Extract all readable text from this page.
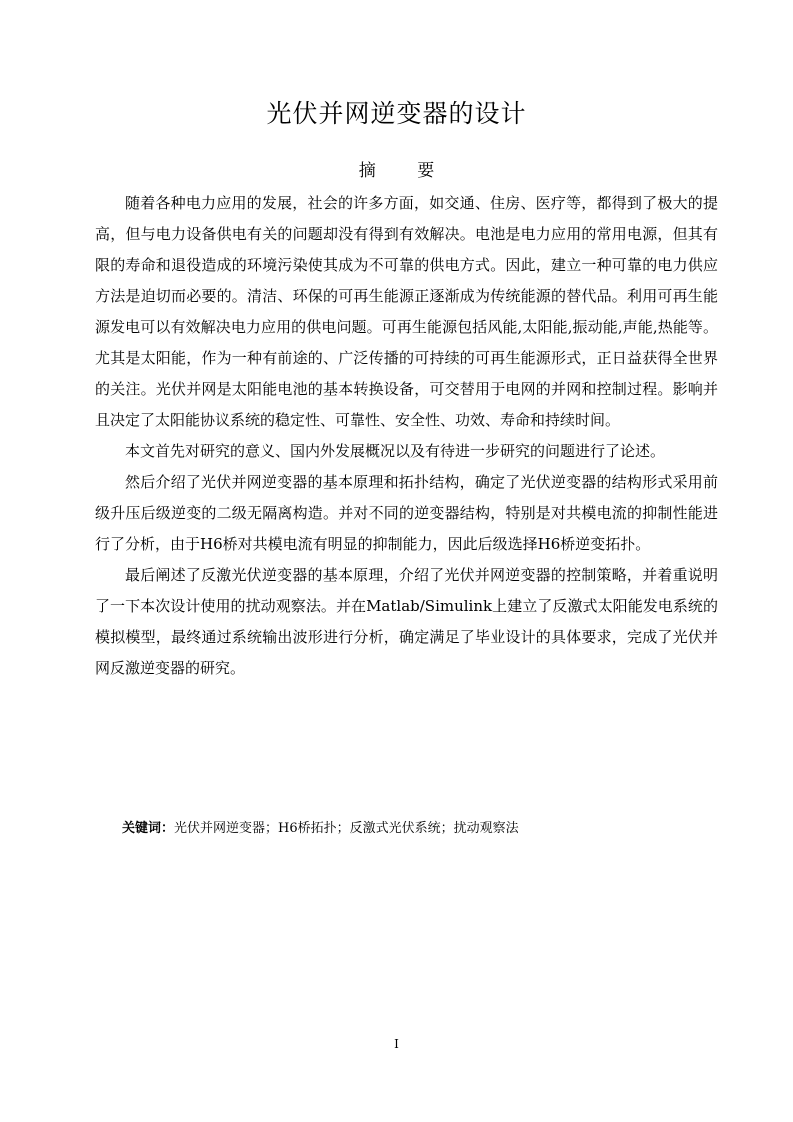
光伏并网逆变器的设计
摘 要

随着各种电力应用的发展，社会的许多方面，如交通、住房、医疗等，都得到了极大的提高，但与电力设备供电有关的问题却没有得到有效解决。电池是电力应用的常用电源，但其有限的寿命和退役造成的环境污染使其成为不可靠的供电方式。因此，建立一种可靠的电力供应方法是迫切而必要的。清洁、环保的可再生能源正逐渐成为传统能源的替代品。利用可再生能源发电可以有效解决电力应用的供电问题。可再生能源包括风能,太阳能,振动能,声能,热能等。尤其是太阳能，作为一种有前途的、广泛传播的可持续的可再生能源形式，正日益获得全世界的关注。光伏并网是太阳能电池的基本转换设备，可交替用于电网的并网和控制过程。影响并且决定了太阳能协议系统的稳定性、可靠性、安全性、功效、寿命和持续时间。

本文首先对研究的意义、国内外发展概况以及有待进一步研究的问题进行了论述。

然后介绍了光伏并网逆变器的基本原理和拓扑结构，确定了光伏逆变器的结构形式采用前级升压后级逆变的二级无隔离构造。并对不同的逆变器结构，特别是对共模电流的抑制性能进行了分析，由于H6桥对共模电流有明显的抑制能力，因此后级选择H6桥逆变拓扑。

最后阐述了反激光伏逆变器的基本原理，介绍了光伏并网逆变器的控制策略，并着重说明了一下本次设计使用的扰动观察法。并在Matlab/Simulink上建立了反激式太阳能发电系统的模拟模型，最终通过系统输出波形进行分析，确定满足了毕业设计的具体要求，完成了光伏并网反激逆变器的研究。

关键词：光伏并网逆变器；H6桥拓扑；反激式光伏系统；扰动观察法
I
